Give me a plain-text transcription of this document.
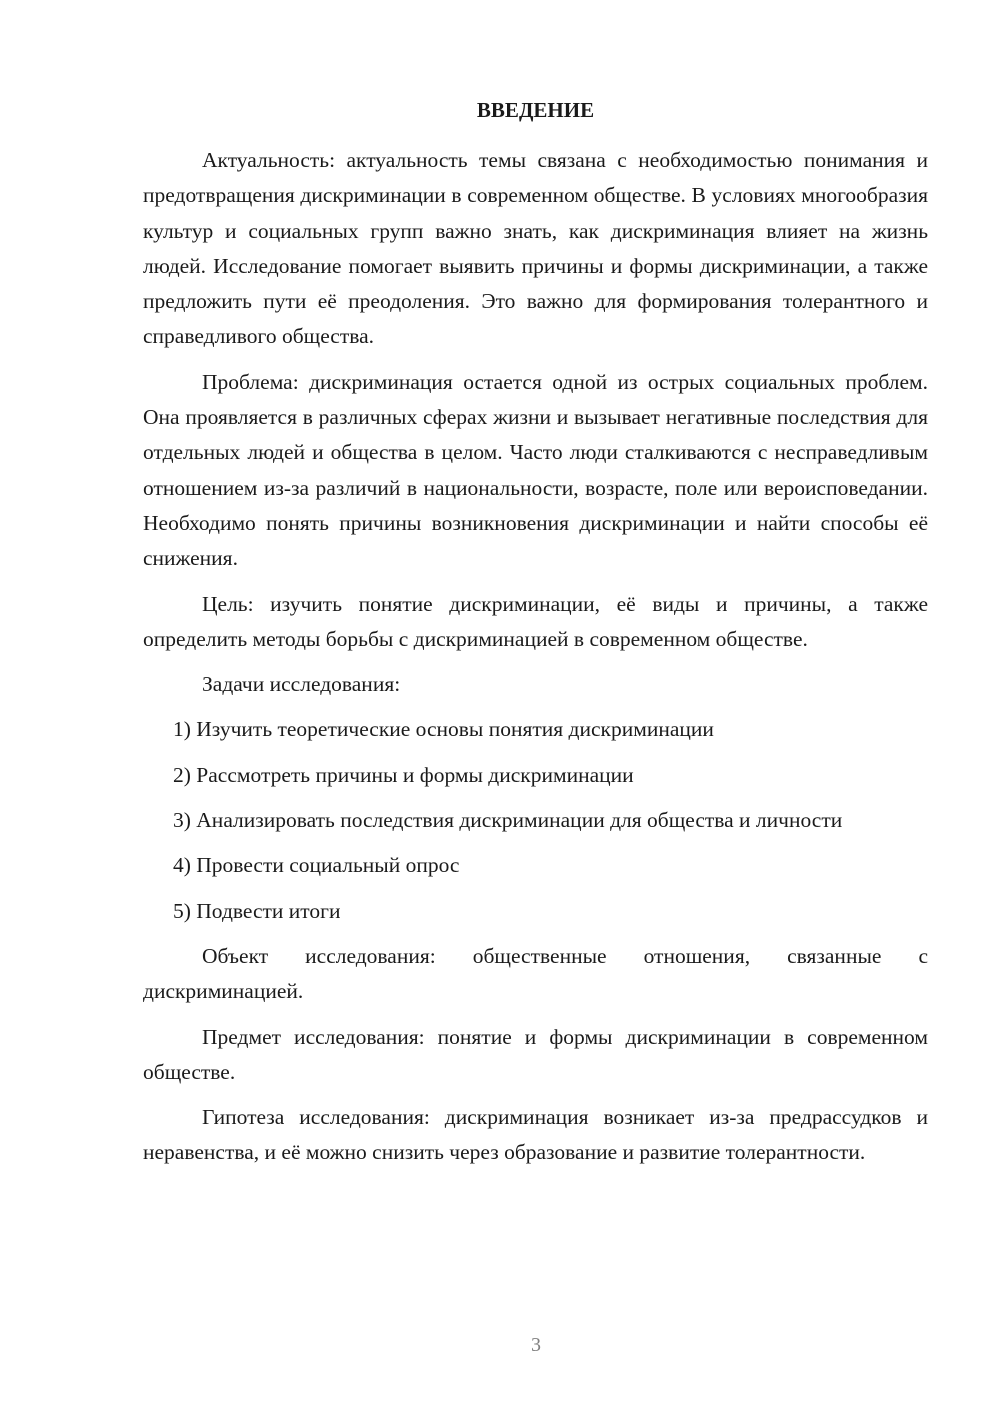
ВВЕДЕНИЕ

Актуальность: актуальность темы связана с необходимостью понимания и предотвращения дискриминации в современном обществе. В условиях многообразия культур и социальных групп важно знать, как дискриминация влияет на жизнь людей. Исследование помогает выявить причины и формы дискриминации, а также предложить пути её преодоления. Это важно для формирования толерантного и справедливого общества.

Проблема: дискриминация остается одной из острых социальных проблем. Она проявляется в различных сферах жизни и вызывает негативные последствия для отдельных людей и общества в целом. Часто люди сталкиваются с несправедливым отношением из-за различий в национальности, возрасте, поле или вероисповедании. Необходимо понять причины возникновения дискриминации и найти способы её снижения.

Цель: изучить понятие дискриминации, её виды и причины, а также определить методы борьбы с дискриминацией в современном обществе.

Задачи исследования:

1) Изучить теоретические основы понятия дискриминации

2) Рассмотреть причины и формы дискриминации

3) Анализировать последствия дискриминации для общества и личности

4) Провести социальный опрос

5) Подвести итоги

Объект исследования: общественные отношения, связанные с дискриминацией.

Предмет исследования: понятие и формы дискриминации в современном обществе.

Гипотеза исследования: дискриминация возникает из-за предрассудков и неравенства, и её можно снизить через образование и развитие толерантности.

3
